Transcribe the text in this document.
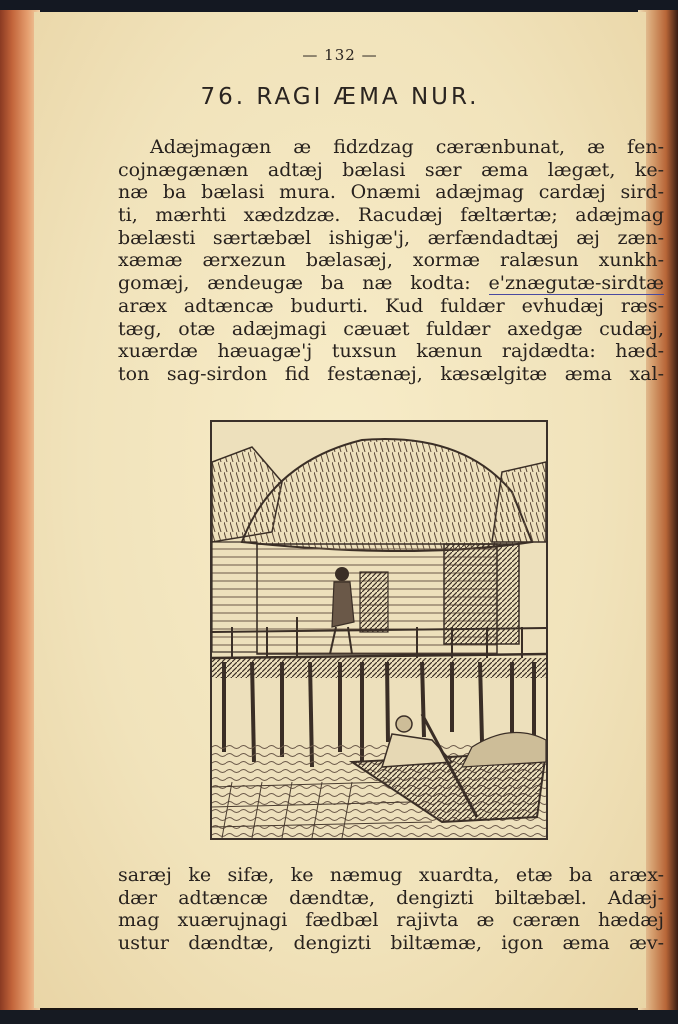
— 132 —
76. RAGI ÆMA NUR.
Adæjmagæn æ fidzdzag cærænbunat, æ fen-
cojnægænæn adtæj bælasi sær æma lægæt, ke-
næ ba bælasi mura. Onæmi adæjmag cardæj sird-
ti, mærhti xædzdzæ. Racudæj fæltærtæ; adæjmag
bælæsti særtæbæl ishigæ'j, ærfændadtæj æj zæn-
xæmæ ærxezun bælasæj, xormæ ralæsun xunkh-
gomæj, ændeugæ ba næ kodta: e'znægutæ-sirdtæ
aræx adtæncæ budurti. Kud fuldær evhudæj ræs-
tæg, otæ adæjmagi cæuæt fuldær axedgæ cudæj,
xuærdæ hæuagæ'j tuxsun kænun rajdædta: hæd-
ton sag-sirdon fid festænæj, kæsælgitæ æma xal-
saræj ke sifæ, ke næmug xuardta, etæ ba aræx-
dær adtæncæ dændtæ, dengizti biltæbæl. Adæj-
mag xuærujnagi fædbæl rajivta æ cæræn hædæj
ustur dændtæ, dengizti biltæmæ, igon æma æv-
